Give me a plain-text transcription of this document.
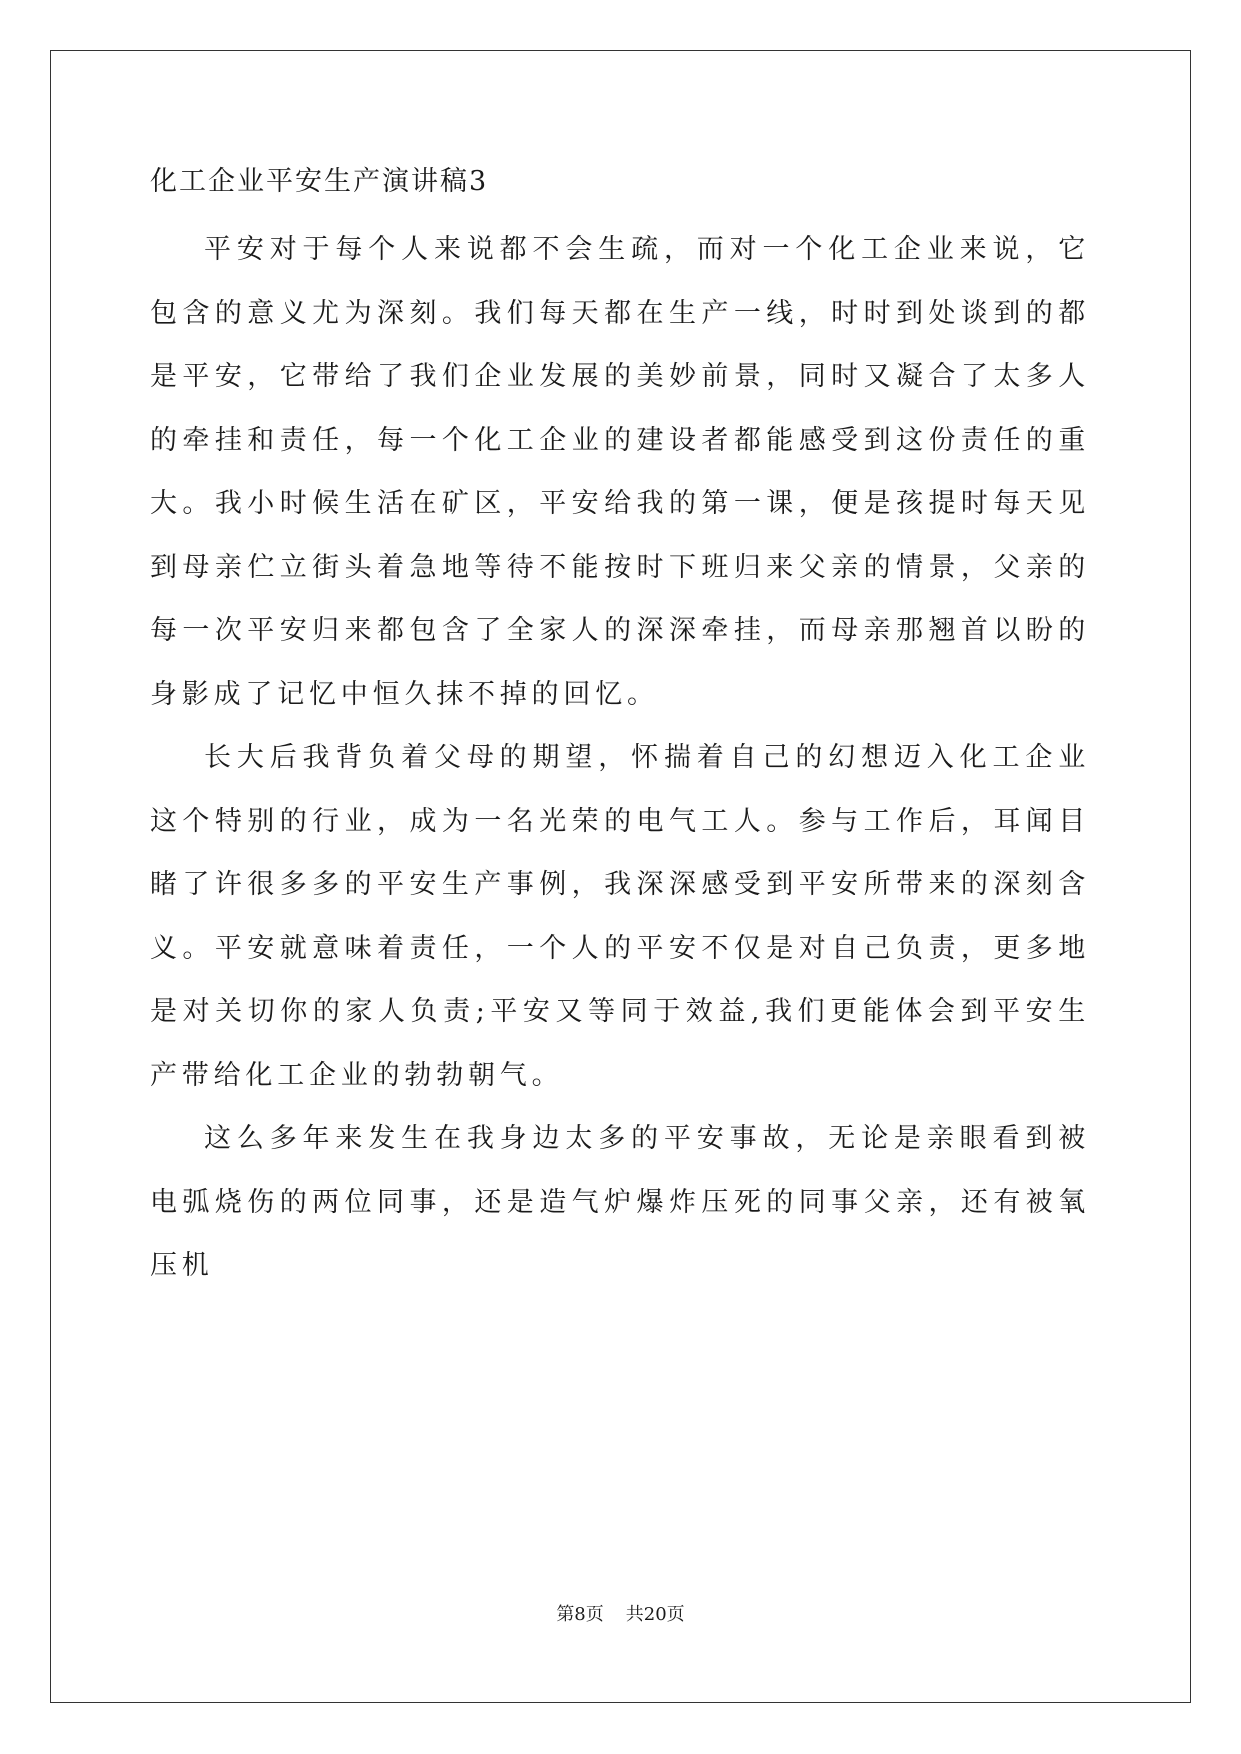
化工企业平安生产演讲稿3

平安对于每个人来说都不会生疏，而对一个化工企业来说，它包含的意义尤为深刻。我们每天都在生产一线，时时到处谈到的都是平安，它带给了我们企业发展的美妙前景，同时又凝合了太多人的牵挂和责任，每一个化工企业的建设者都能感受到这份责任的重大。我小时候生活在矿区，平安给我的第一课，便是孩提时每天见到母亲伫立街头着急地等待不能按时下班归来父亲的情景，父亲的每一次平安归来都包含了全家人的深深牵挂，而母亲那翘首以盼的身影成了记忆中恒久抹不掉的回忆。

长大后我背负着父母的期望，怀揣着自己的幻想迈入化工企业这个特别的行业，成为一名光荣的电气工人。参与工作后，耳闻目睹了许很多多的平安生产事例，我深深感受到平安所带来的深刻含义。平安就意味着责任，一个人的平安不仅是对自己负责，更多地是对关切你的家人负责;平安又等同于效益,我们更能体会到平安生产带给化工企业的勃勃朝气。

这么多年来发生在我身边太多的平安事故，无论是亲眼看到被电弧烧伤的两位同事，还是造气炉爆炸压死的同事父亲，还有被氧压机

第8页 共20页
